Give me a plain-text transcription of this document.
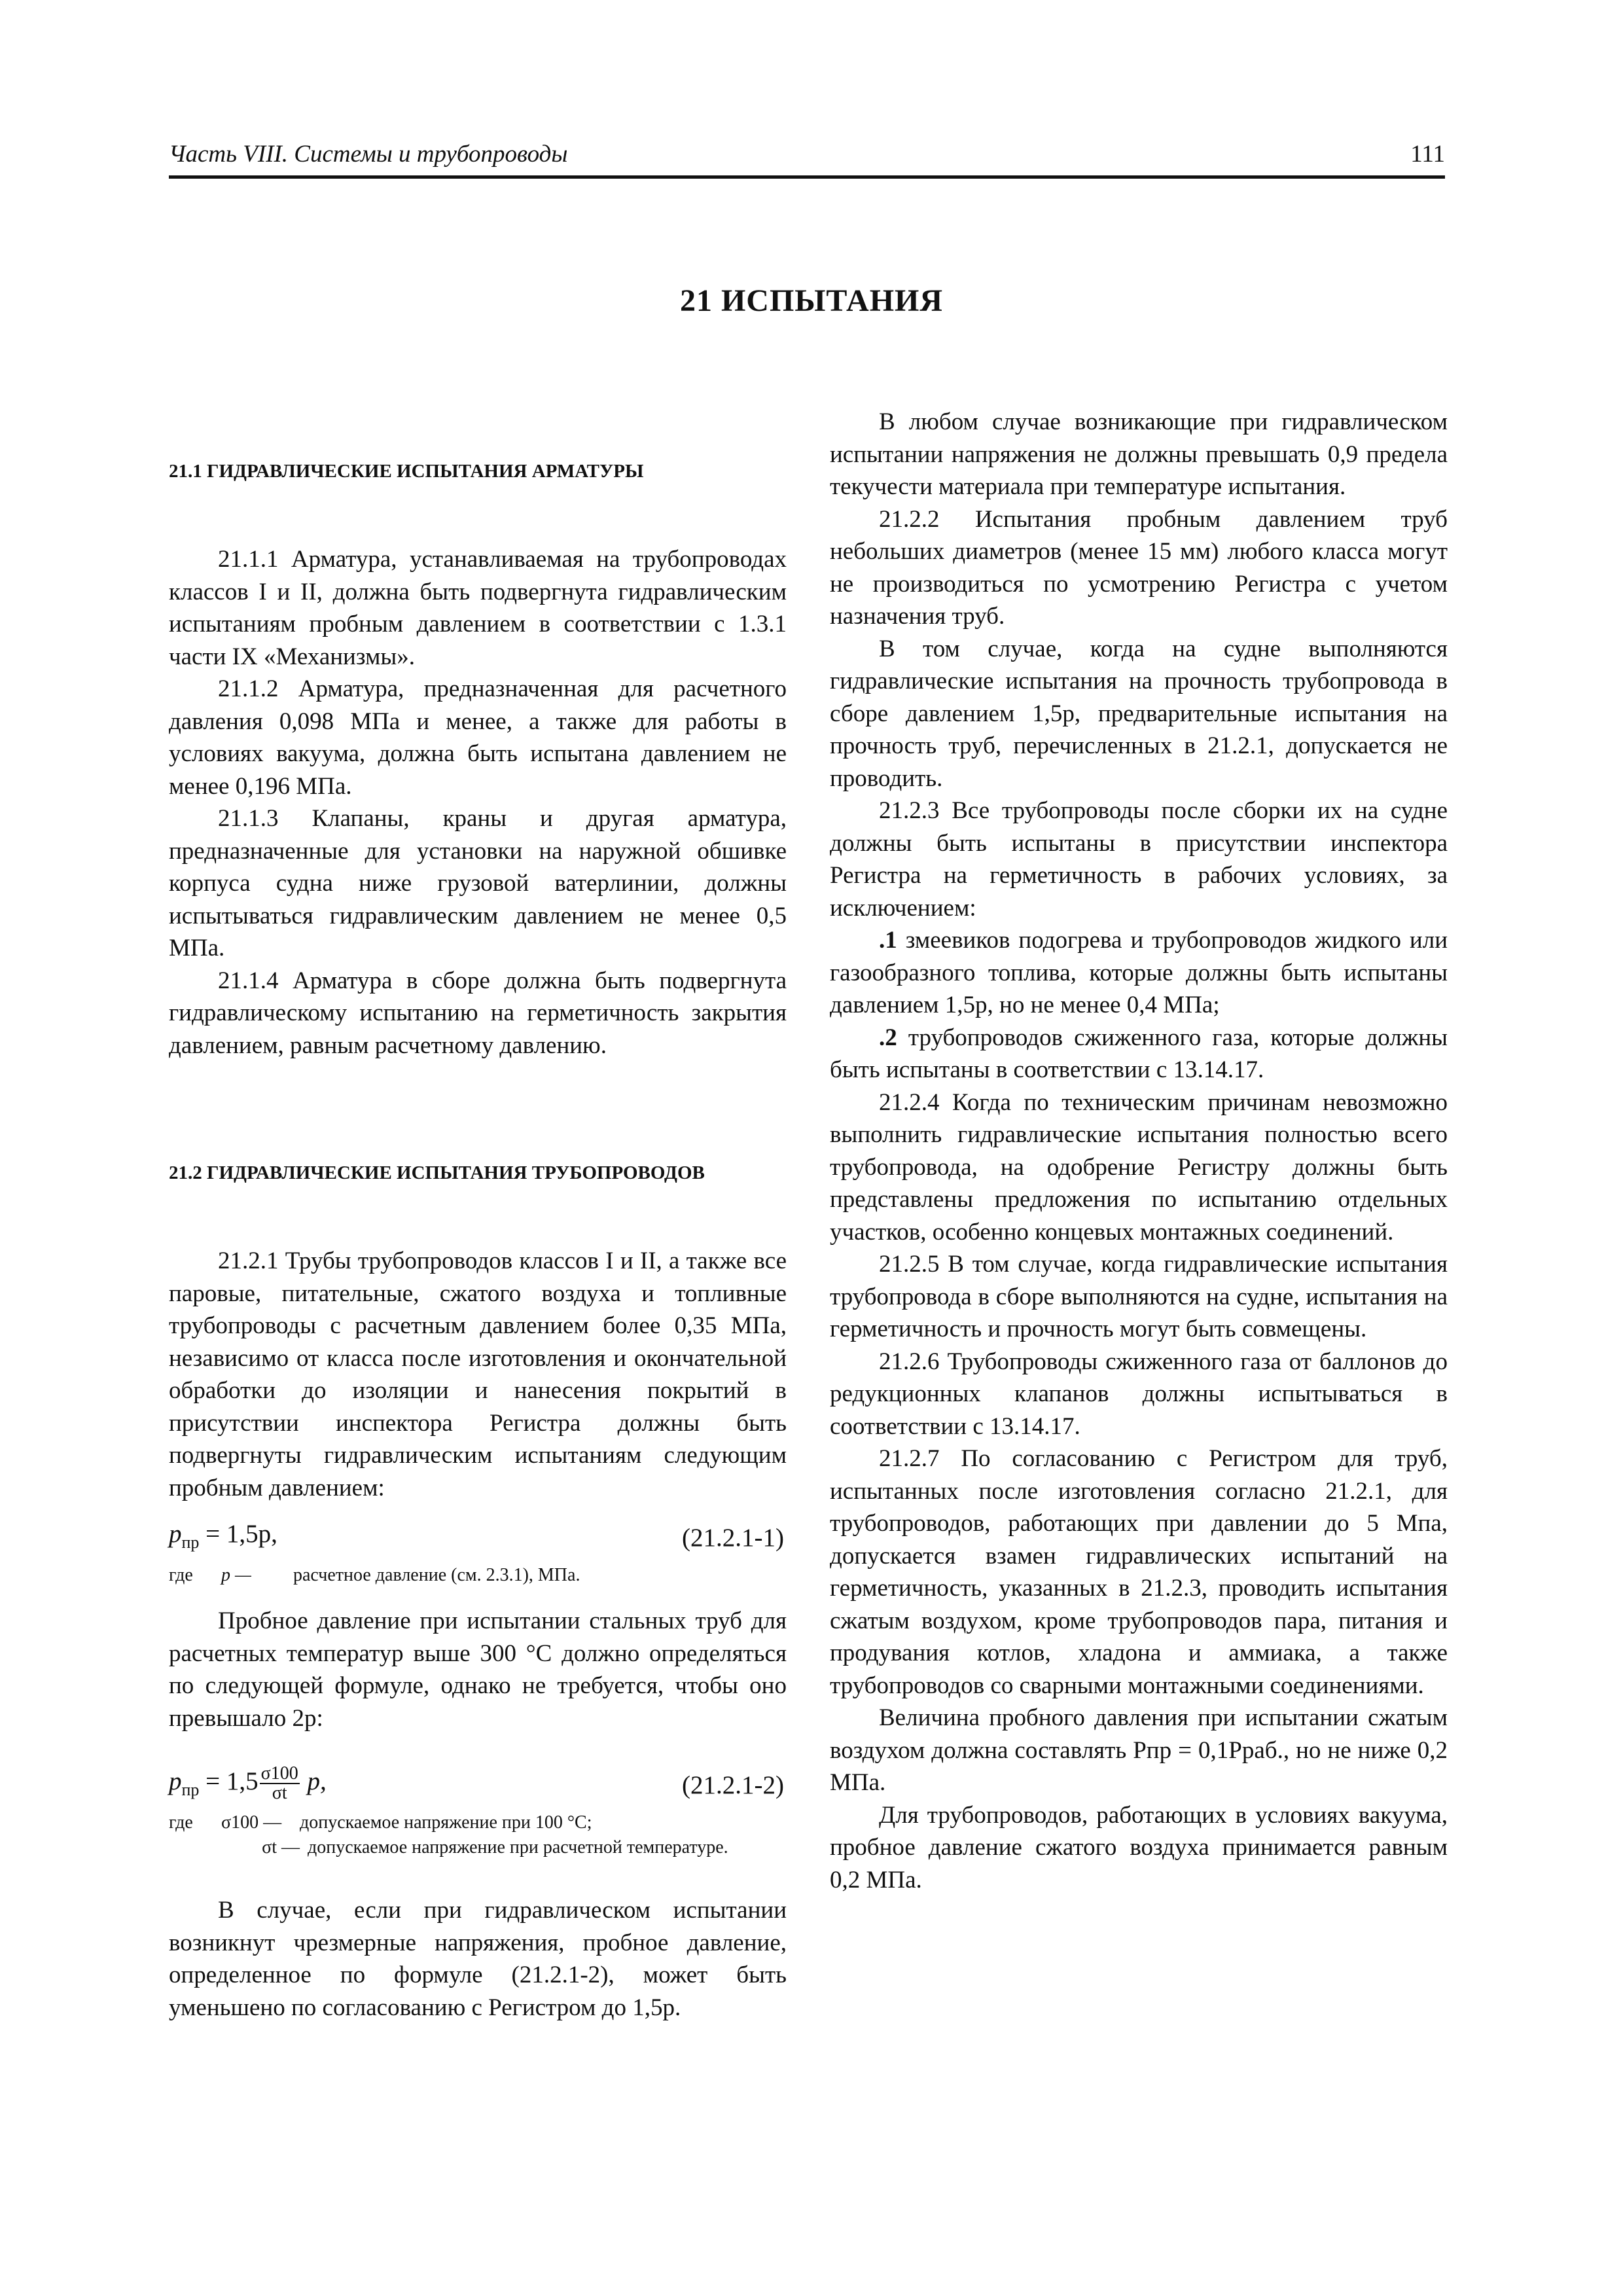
Часть VIII. Системы и трубопроводы	111
21 ИСПЫТАНИЯ

21.1 ГИДРАВЛИЧЕСКИЕ ИСПЫТАНИЯ АРМАТУРЫ

21.1.1 Арматура, устанавливаемая на трубопроводах классов I и II, должна быть подвергнута гидравлическим испытаниям пробным давлением в соответствии с 1.3.1 части IX «Механизмы».

21.1.2 Арматура, предназначенная для расчетного давления 0,098 МПа и менее, а также для работы в условиях вакуума, должна быть испытана давлением не менее 0,196 МПа.

21.1.3 Клапаны, краны и другая арматура, предназначенные для установки на наружной обшивке корпуса судна ниже грузовой ватерлинии, должны испытываться гидравлическим давлением не менее 0,5 МПа.

21.1.4 Арматура в сборе должна быть подвергнута гидравлическому испытанию на герметичность закрытия давлением, равным расчетному давлению.

21.2 ГИДРАВЛИЧЕСКИЕ ИСПЫТАНИЯ ТРУБОПРОВОДОВ

21.2.1 Трубы трубопроводов классов I и II, а также все паровые, питательные, сжатого воздуха и топливные трубопроводы с расчетным давлением более 0,35 МПа, независимо от класса после изготовления и окончательной обработки до изоляции и нанесения покрытий в присутствии инспектора Регистра должны быть подвергнуты гидравлическим испытаниям следующим пробным давлением:

$p_{пр} = 1,5p$,	(21.2.1-1)
где	p —	расчетное давление (см. 2.3.1), МПа.

Пробное давление при испытании стальных труб для расчетных температур выше 300 °С должно определяться по следующей формуле, однако не требуется, чтобы оно превышало 2p:

$p_{пр} = 1,5 \frac{\sigma 100}{\sigma t} p$,	(21.2.1-2)
где	σ100 — допускаемое напряжение при 100 °С;
σt — допускаемое напряжение при расчетной температуре.

В случае, если при гидравлическом испытании возникнут чрезмерные напряжения, пробное давление, определенное по формуле (21.2.1-2), может быть уменьшено по согласованию с Регистром до 1,5p.

В любом случае возникающие при гидравлическом испытании напряжения не должны превышать 0,9 предела текучести материала при температуре испытания.

21.2.2 Испытания пробным давлением труб небольших диаметров (менее 15 мм) любого класса могут не производиться по усмотрению Регистра с учетом назначения труб.

В том случае, когда на судне выполняются гидравлические испытания на прочность трубопровода в сборе давлением 1,5p, предварительные испытания на прочность труб, перечисленных в 21.2.1, допускается не проводить.

21.2.3 Все трубопроводы после сборки их на судне должны быть испытаны в присутствии инспектора Регистра на герметичность в рабочих условиях, за исключением:

.1 змеевиков подогрева и трубопроводов жидкого или газообразного топлива, которые должны быть испытаны давлением 1,5p, но не менее 0,4 МПа;

.2 трубопроводов сжиженного газа, которые должны быть испытаны в соответствии с 13.14.17.

21.2.4 Когда по техническим причинам невозможно выполнить гидравлические испытания полностью всего трубопровода, на одобрение Регистру должны быть представлены предложения по испытанию отдельных участков, особенно концевых монтажных соединений.

21.2.5 В том случае, когда гидравлические испытания трубопровода в сборе выполняются на судне, испытания на герметичность и прочность могут быть совмещены.

21.2.6 Трубопроводы сжиженного газа от баллонов до редукционных клапанов должны испытываться в соответствии с 13.14.17.

21.2.7 По согласованию с Регистром для труб, испытанных после изготовления согласно 21.2.1, для трубопроводов, работающих при давлении до 5 Мпа, допускается взамен гидравлических испытаний на герметичность, указанных в 21.2.3, проводить испытания сжатым воздухом, кроме трубопроводов пара, питания и продувания котлов, хладона и аммиака, а также трубопроводов со сварными монтажными соединениями.

Величина пробного давления при испытании сжатым воздухом должна составлять Pпр = 0,1Pраб., но не ниже 0,2 МПа.

Для трубопроводов, работающих в условиях вакуума, пробное давление сжатого воздуха принимается равным 0,2 МПа.
